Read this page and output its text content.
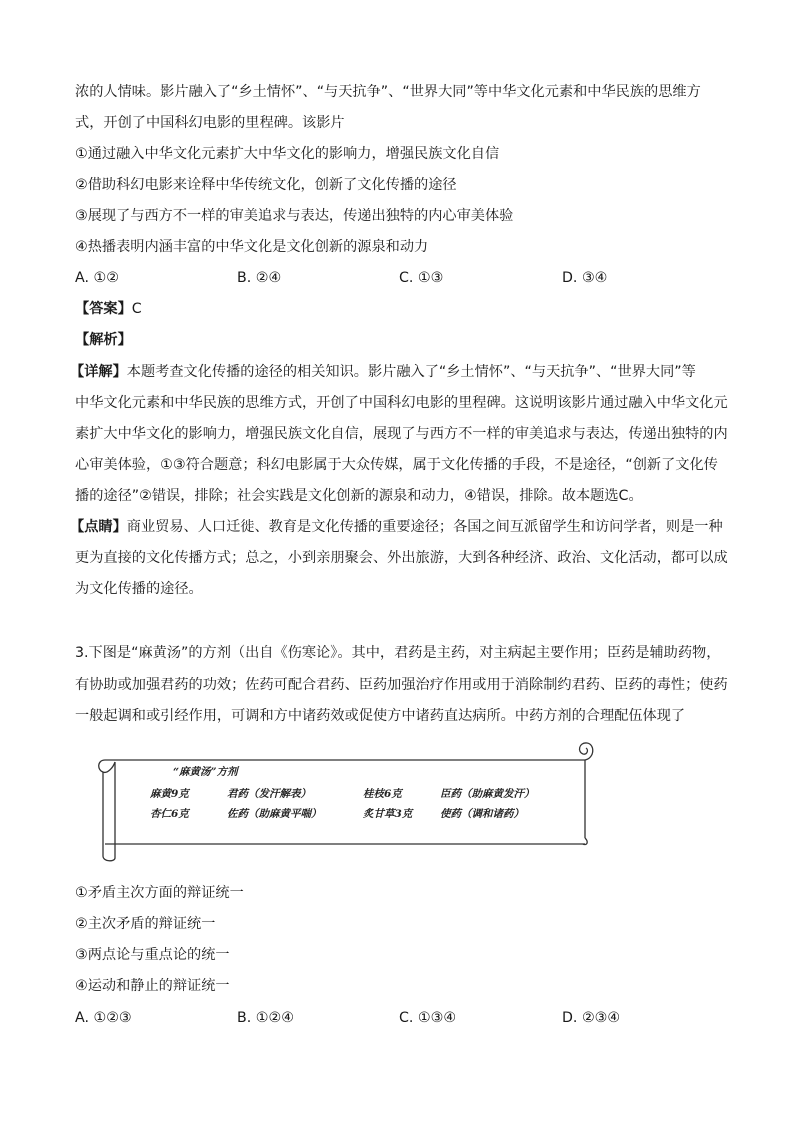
浓的人情味。影片融入了“乡土情怀”、“与天抗争”、“世界大同”等中华文化元素和中华民族的思维方
式，开创了中国科幻电影的里程碑。该影片
①通过融入中华文化元素扩大中华文化的影响力，增强民族文化自信
②借助科幻电影来诠释中华传统文化，创新了文化传播的途径
③展现了与西方不一样的审美追求与表达，传递出独特的内心审美体验
④热播表明内涵丰富的中华文化是文化创新的源泉和动力
A. ①②	B. ②④	C. ①③	D. ③④
【答案】C
【解析】
【详解】本题考查文化传播的途径的相关知识。影片融入了“乡土情怀”、“与天抗争”、“世界大同”等
中华文化元素和中华民族的思维方式，开创了中国科幻电影的里程碑。这说明该影片通过融入中华文化元
素扩大中华文化的影响力，增强民族文化自信，展现了与西方不一样的审美追求与表达，传递出独特的内
心审美体验，①③符合题意；科幻电影属于大众传媒，属于文化传播的手段，不是途径，“创新了文化传
播的途径”②错误，排除；社会实践是文化创新的源泉和动力，④错误，排除。故本题选C。
【点睛】商业贸易、人口迁徙、教育是文化传播的重要途径；各国之间互派留学生和访问学者，则是一种
更为直接的文化传播方式；总之，小到亲朋聚会、外出旅游，大到各种经济、政治、文化活动，都可以成
为文化传播的途径。
3.下图是“麻黄汤”的方剂（出自《伤寒论》。其中，君药是主药，对主病起主要作用；臣药是辅助药物，
有协助或加强君药的功效；佐药可配合君药、臣药加强治疗作用或用于消除制约君药、臣药的毒性；使药
一般起调和或引经作用，可调和方中诸药效或促使方中诸药直达病所。中药方剂的合理配伍体现了
“麻黄汤”方剂
麻黄9克	君药（发汗解表）	桂枝6克	臣药（助麻黄发汗）
杏仁6克	佐药（助麻黄平喘）	炙甘草3克	使药（调和诸药）
①矛盾主次方面的辩证统一
②主次矛盾的辩证统一
③两点论与重点论的统一
④运动和静止的辩证统一
A. ①②③	B. ①②④	C. ①③④	D. ②③④
